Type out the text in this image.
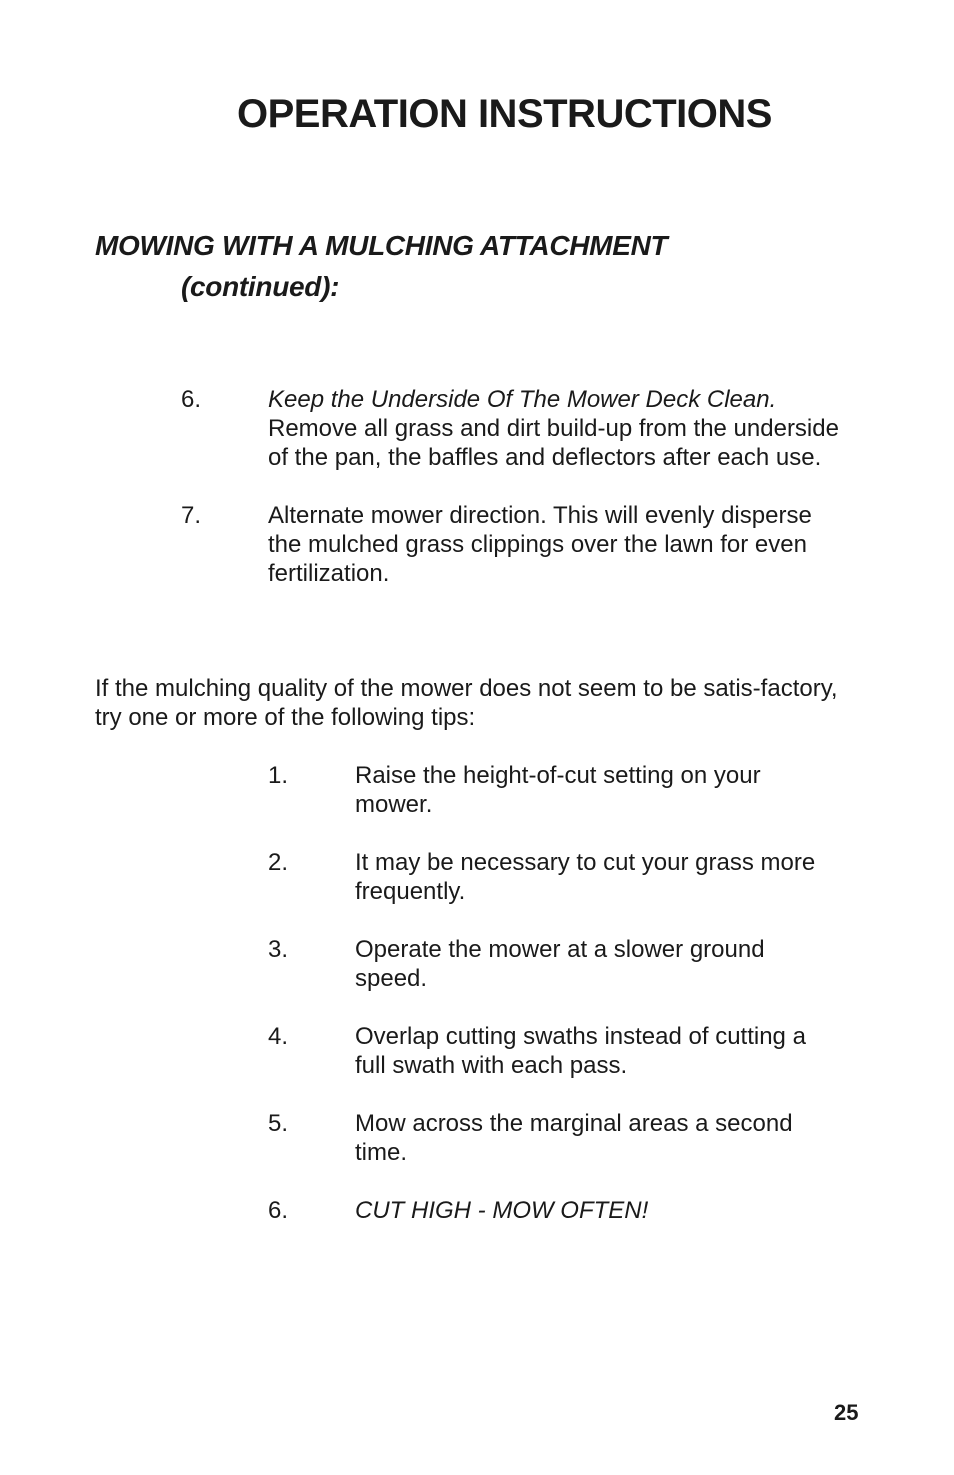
OPERATION INSTRUCTIONS
MOWING WITH A MULCHING ATTACHMENT
(continued):
6.	Keep the Underside Of The Mower Deck Clean. Remove all grass and dirt build-up from the underside of the pan, the baffles and deflectors after each use.
7.	Alternate mower direction. This will evenly disperse the mulched grass clippings over the lawn for even fertilization.

If the mulching quality of the mower does not seem to be satis-factory, try one or more of the following tips:

1.	Raise the height-of-cut setting on your mower.
2.	It may be necessary to cut your grass more frequently.
3.	Operate the mower at a slower ground speed.
4.	Overlap cutting swaths instead of cutting a full swath with each pass.
5.	Mow across the marginal areas a second time.
6.	CUT HIGH - MOW OFTEN!

25
